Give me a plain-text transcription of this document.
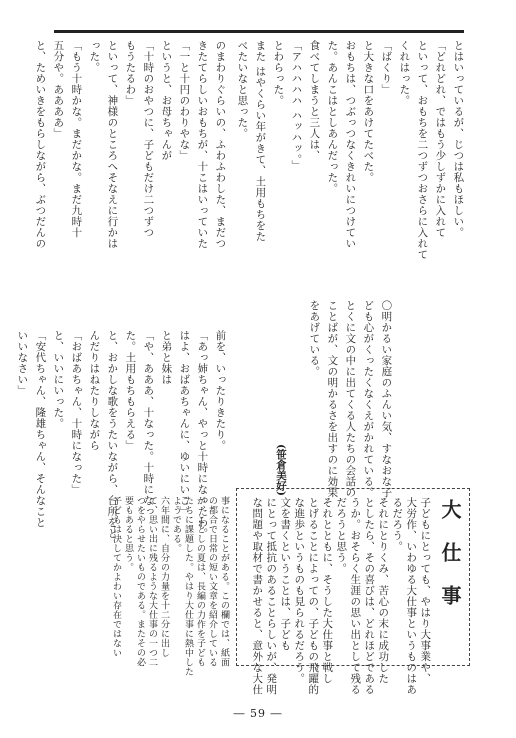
とはいっているが、じつは私もほしい。
「どれどれ、ではもう少しずかに入れて
といって、おもちを二つずつおさらに入れて
くれはった。
「ばくり」
と大きな口をあけてたべた。
おもちは、つぶっつなくきれいにつけてい
た。あんこはとしあんだった。
食べてしまうと三人は、
「アハハハハ ハッハッ。」
とわらった。
また はやくらい年がきて、土用もちをた
べたいなと思った。
のまわりぐらいの、ふわふわした、まだつ
きたてらしいおもちが、十こはいっていた
「一と十円のわりやな」
というと、お母ちゃんが
「十時のおやつに、子どもだけ二つずつ
もうたるわ」
といって、神様のところへそなえに行かは
った。
「もう十時かな。まだかな。まだ九時十
五分や。ああああ」
と、ためいきをもらしながら、ぶつだんの
前を、いったりきたり。
「あっ姉ちゃん、やっと十時になったわ。
はよ、おばあちゃんに、ゆいにいこ」
と弟と妹は
「や、あああ、十なった。十時になっ
た。土用もちもらえる」
と、おかしな歌をうたいながら、台所をと
んだりはねたりしながら
「おばあちゃん、十時になった」
と、いいにいった。
「安代ちゃん、隆雄ちゃん、そんなこと
いいなさい」	〇明かるい家庭のふんい気、すなおな子
ども心がくったくなくえがかれている。
とくに文の中に出てくる人たちの会話の
ことばが、文の明かるさを出すのに効果
をあげている。
(笹倉美好)
大 仕 事
子どもにとっても、やはり大事業や、
大労作、いわゆる大仕事というものはあ
るだろう。
それにとりくみ、苦心の末に成功した
としたら、その喜びは、どれほどである
うか。おそらく生涯の思い出として残る
だろうと思う。
それとともに、そうした大仕事と戦し
とげることによっての、子どもの飛躍的
な進歩というものも見られるだろう。
文を書くということは、子ども
にとって抵抗のあることらしいが、発明
な問題や取材で書かせると、意外な大仕
事になることがある。この欄では、紙面
の都合で日常の短い文章を紹介している
が、ことしの夏は、長編の力作を子ども
たちに課題した。やはり大仕事に熱中した
ようである。
六年間に、自分の力量を十二分に出し
て、思い出に残るような大仕事の一つ二
つをやらせたいものである。またその必
要もあると思う。
子どもは決してかよわい存在ではない
― 59 ―
